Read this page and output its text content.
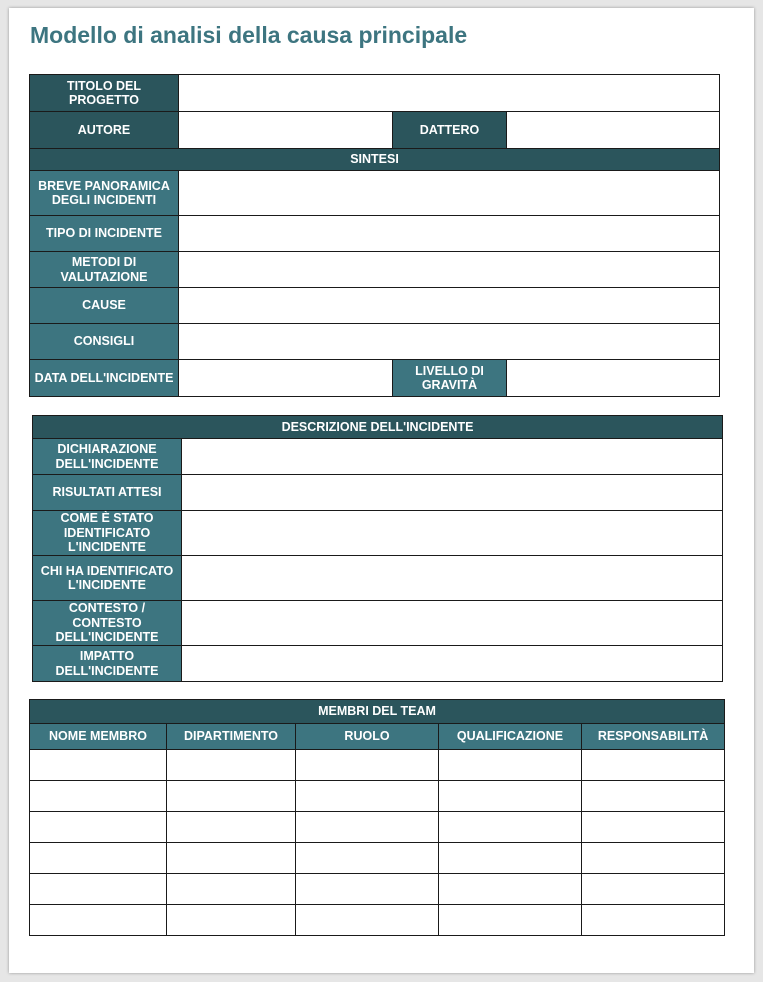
Modello di analisi della causa principale
TITOLO DEL PROGETTO			
AUTORE		DATTERO	
SINTESI			
BREVE PANORAMICA DEGLI INCIDENTI			
TIPO DI INCIDENTE			
METODI DI VALUTAZIONE			
CAUSE			
CONSIGLI			
DATA DELL'INCIDENTE		LIVELLO DI GRAVITÀ	
DESCRIZIONE DELL'INCIDENTE	
DICHIARAZIONE DELL'INCIDENTE	
RISULTATI ATTESI	
COME È STATO IDENTIFICATO L'INCIDENTE	
CHI HA IDENTIFICATO L'INCIDENTE	
CONTESTO / CONTESTO DELL'INCIDENTE	
IMPATTO DELL'INCIDENTE	
MEMBRI DEL TEAM				
NOME MEMBRO	DIPARTIMENTO	RUOLO	QUALIFICAZIONE	RESPONSABILITÀ
